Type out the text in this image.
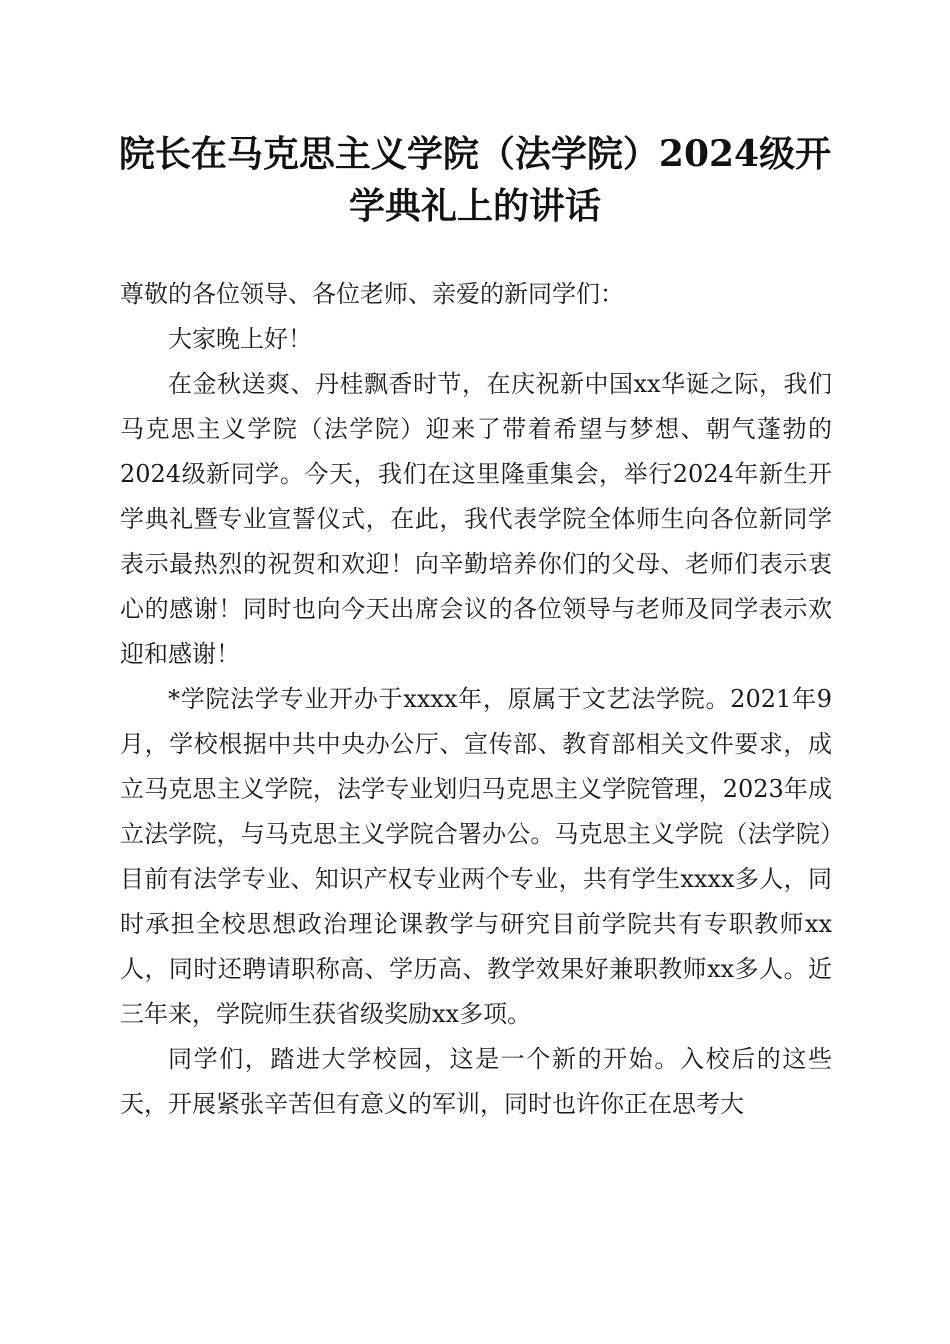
院长在马克思主义学院（法学院）2024级开
学典礼上的讲话

尊敬的各位领导、各位老师、亲爱的新同学们：

大家晚上好！

在金秋送爽、丹桂飘香时节，在庆祝新中国xx华诞之际，我们马克思主义学院（法学院）迎来了带着希望与梦想、朝气蓬勃的2024级新同学。今天，我们在这里隆重集会，举行2024年新生开学典礼暨专业宣誓仪式，在此，我代表学院全体师生向各位新同学表示最热烈的祝贺和欢迎！向辛勤培养你们的父母、老师们表示衷心的感谢！同时也向今天出席会议的各位领导与老师及同学表示欢迎和感谢！

*学院法学专业开办于xxxx年，原属于文艺法学院。2021年9月，学校根据中共中央办公厅、宣传部、教育部相关文件要求，成立马克思主义学院，法学专业划归马克思主义学院管理，2023年成立法学院，与马克思主义学院合署办公。马克思主义学院（法学院）目前有法学专业、知识产权专业两个专业，共有学生xxxx多人，同时承担全校思想政治理论课教学与研究目前学院共有专职教师xx人，同时还聘请职称高、学历高、教学效果好兼职教师xx多人。近三年来，学院师生获省级奖励xx多项。

同学们，踏进大学校园，这是一个新的开始。入校后的这些天，开展紧张辛苦但有意义的军训，同时也许你正在思考大
